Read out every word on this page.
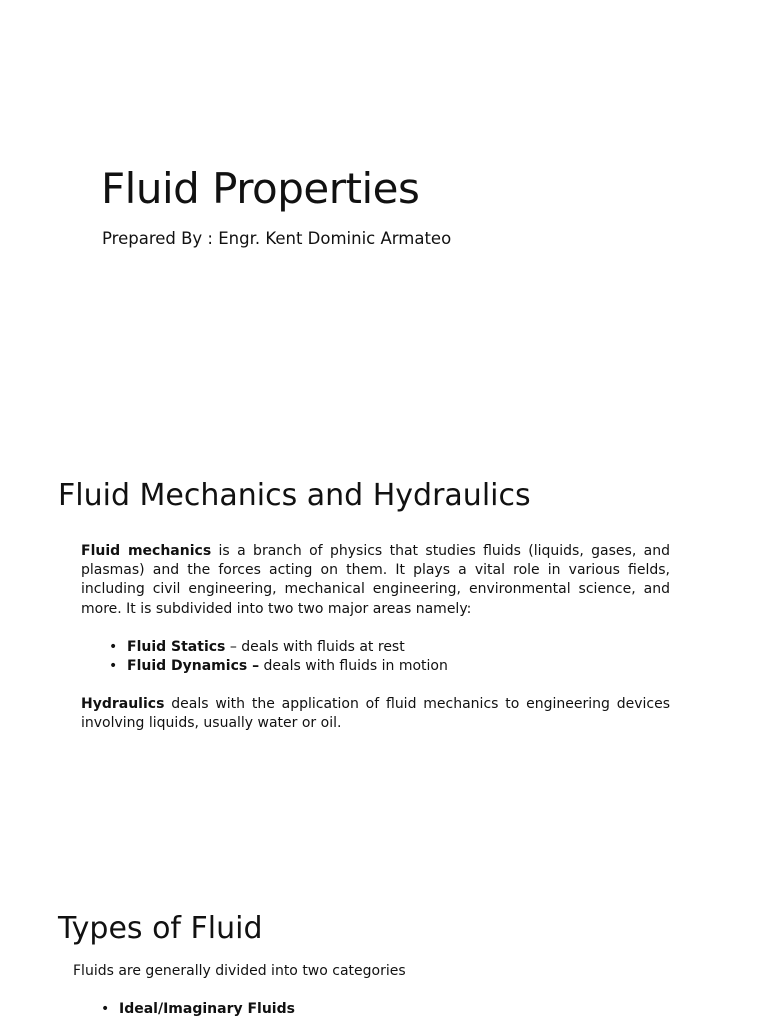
Fluid Properties

Prepared By : Engr. Kent Dominic Armateo

Fluid Mechanics and Hydraulics

Fluid mechanics is a branch of physics that studies fluids (liquids, gases, and plasmas) and the forces acting on them. It plays a vital role in various fields, including civil engineering, mechanical engineering, environmental science, and more. It is subdivided into two two major areas namely:

• Fluid Statics – deals with fluids at rest
• Fluid Dynamics – deals with fluids in motion

Hydraulics deals with the application of fluid mechanics to engineering devices involving liquids, usually water or oil.

Types of Fluid

Fluids are generally divided into two categories

• Ideal/Imaginary Fluids
